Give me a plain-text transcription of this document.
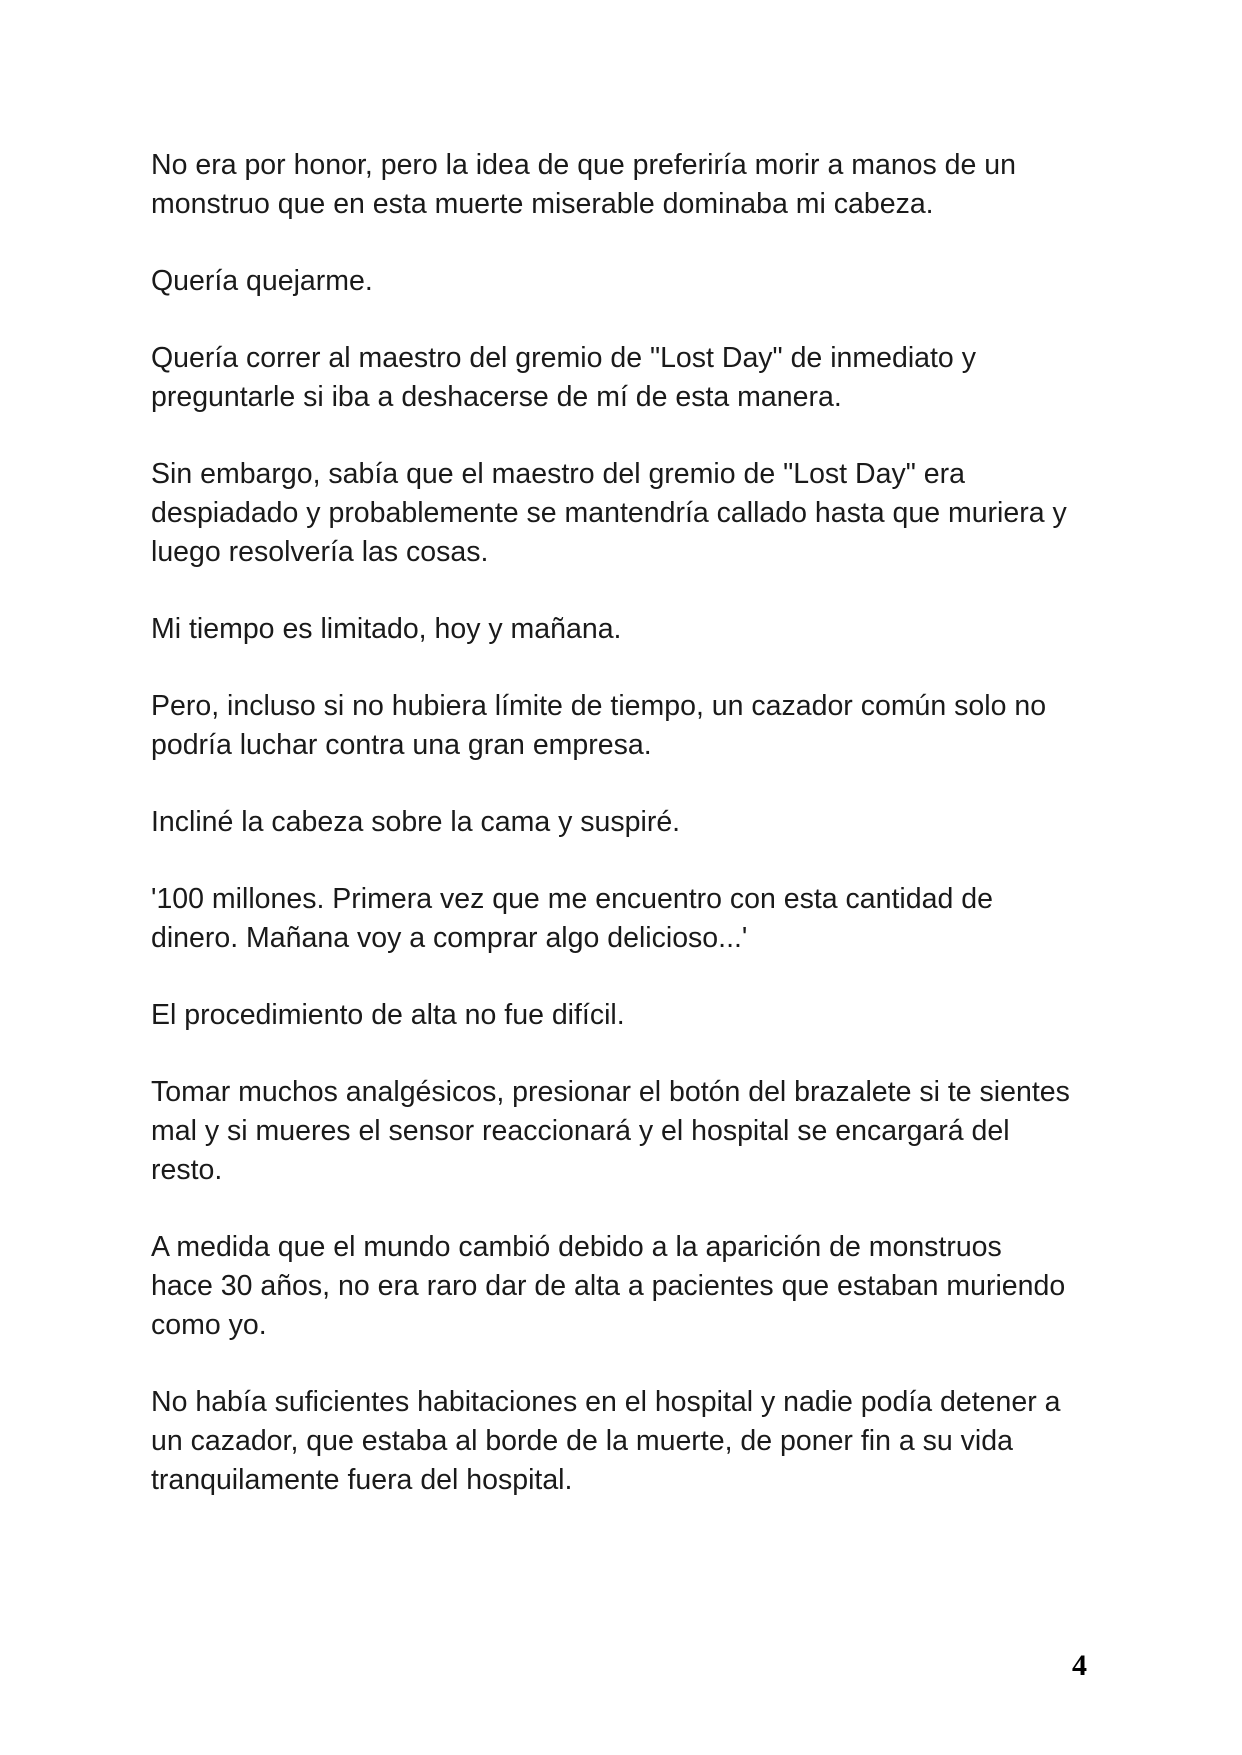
No era por honor, pero la idea de que preferiría morir a manos de un
monstruo que en esta muerte miserable dominaba mi cabeza.

Quería quejarme.

Quería correr al maestro del gremio de "Lost Day" de inmediato y
preguntarle si iba a deshacerse de mí de esta manera.

Sin embargo, sabía que el maestro del gremio de "Lost Day" era
despiadado y probablemente se mantendría callado hasta que muriera y
luego resolvería las cosas.

Mi tiempo es limitado, hoy y mañana.

Pero, incluso si no hubiera límite de tiempo, un cazador común solo no
podría luchar contra una gran empresa.

Incliné la cabeza sobre la cama y suspiré.

'100 millones. Primera vez que me encuentro con esta cantidad de
dinero. Mañana voy a comprar algo delicioso...'

El procedimiento de alta no fue difícil.

Tomar muchos analgésicos, presionar el botón del brazalete si te sientes
mal y si mueres el sensor reaccionará y el hospital se encargará del
resto.

A medida que el mundo cambió debido a la aparición de monstruos
hace 30 años, no era raro dar de alta a pacientes que estaban muriendo
como yo.

No había suficientes habitaciones en el hospital y nadie podía detener a
un cazador, que estaba al borde de la muerte, de poner fin a su vida
tranquilamente fuera del hospital.

4
